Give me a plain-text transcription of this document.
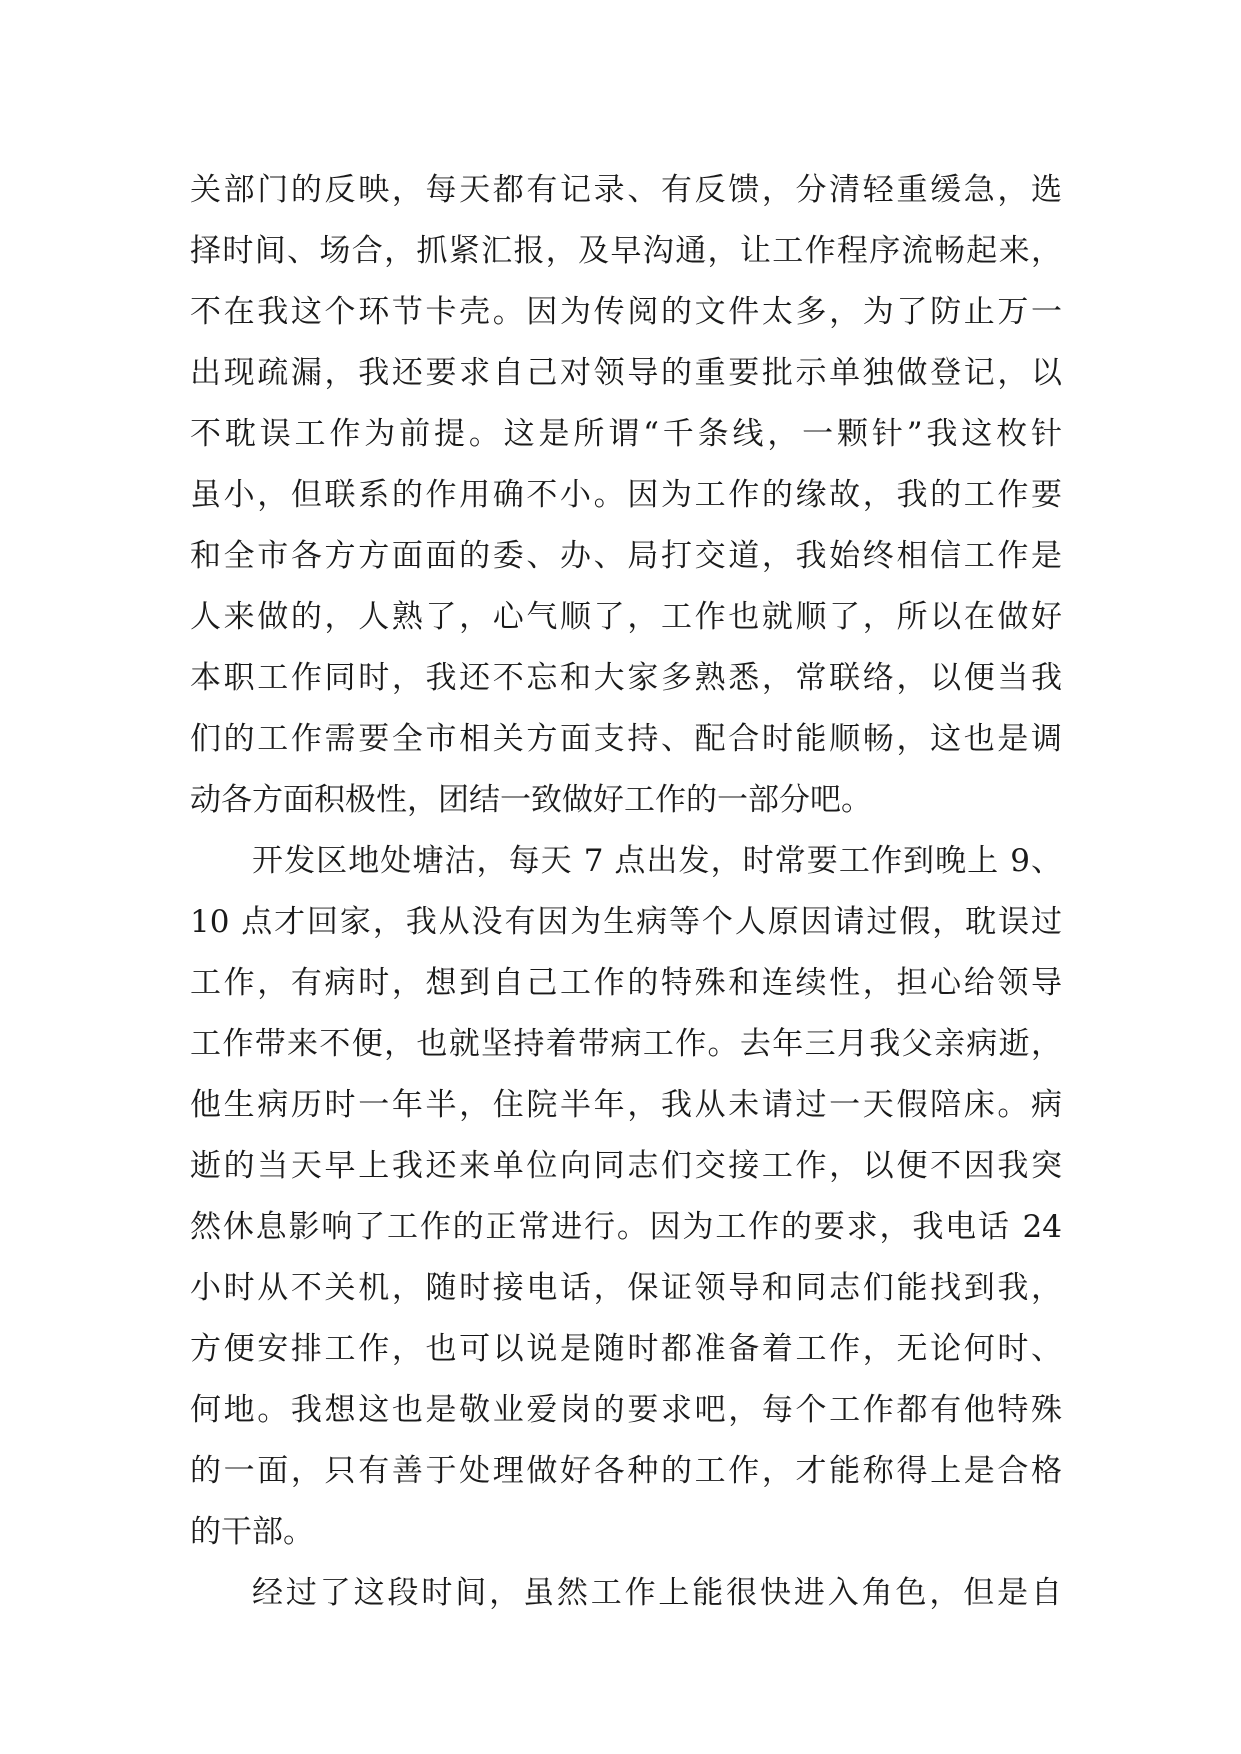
关部门的反映，每天都有记录、有反馈，分清轻重缓急，选
择时间、场合，抓紧汇报，及早沟通，让工作程序流畅起来，
不在我这个环节卡壳。因为传阅的文件太多，为了防止万一
出现疏漏，我还要求自己对领导的重要批示单独做登记，以
不耽误工作为前提。这是所谓“千条线，一颗针”我这枚针
虽小，但联系的作用确不小。因为工作的缘故，我的工作要
和全市各方方面面的委、办、局打交道，我始终相信工作是
人来做的，人熟了，心气顺了，工作也就顺了，所以在做好
本职工作同时，我还不忘和大家多熟悉，常联络，以便当我
们的工作需要全市相关方面支持、配合时能顺畅，这也是调
动各方面积极性，团结一致做好工作的一部分吧。
开发区地处塘沽，每天 7 点出发，时常要工作到晚上 9、
10 点才回家，我从没有因为生病等个人原因请过假，耽误过
工作，有病时，想到自己工作的特殊和连续性，担心给领导
工作带来不便，也就坚持着带病工作。去年三月我父亲病逝，
他生病历时一年半，住院半年，我从未请过一天假陪床。病
逝的当天早上我还来单位向同志们交接工作，以便不因我突
然休息影响了工作的正常进行。因为工作的要求，我电话 24
小时从不关机，随时接电话，保证领导和同志们能找到我，
方便安排工作，也可以说是随时都准备着工作，无论何时、
何地。我想这也是敬业爱岗的要求吧，每个工作都有他特殊
的一面，只有善于处理做好各种的工作，才能称得上是合格
的干部。
经过了这段时间，虽然工作上能很快进入角色，但是自
